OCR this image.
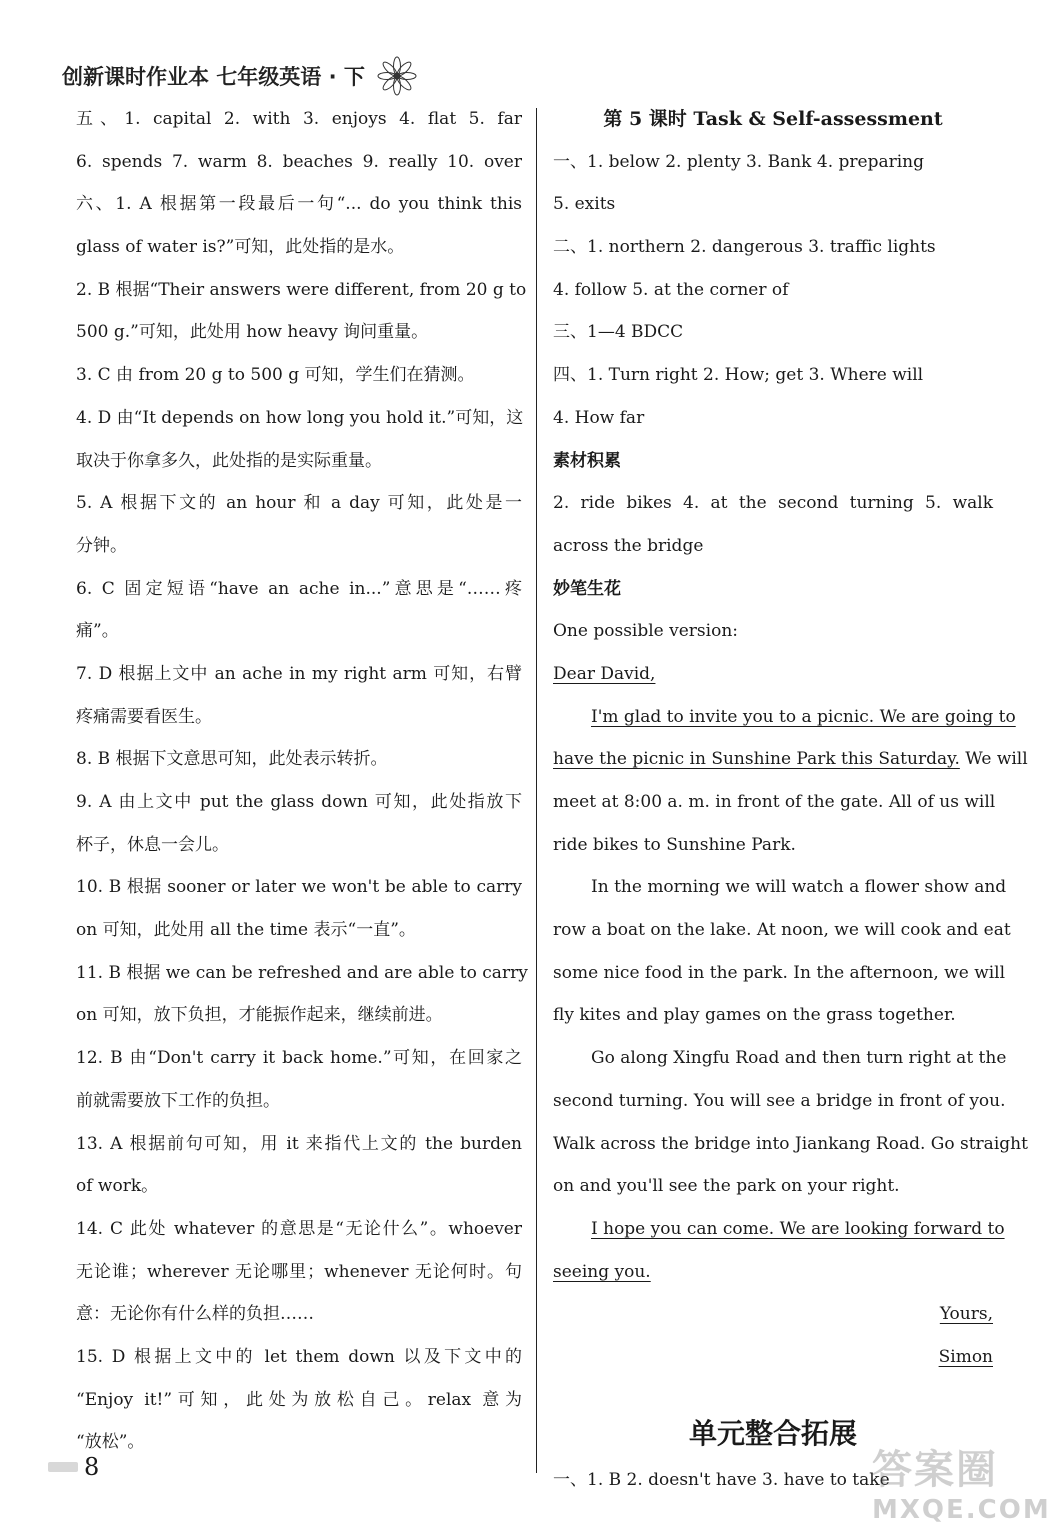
创新课时作业本 七年级英语 · 下
五、1. capital 2. with 3. enjoys 4. flat 5. far
6. spends 7. warm 8. beaches 9. really 10. over
六、1. A 根据第一段最后一句“... do you think this
glass of water is?”可知，此处指的是水。
2. B 根据“Their answers were different, from 20 g to
500 g.”可知，此处用 how heavy 询问重量。
3. C 由 from 20 g to 500 g 可知，学生们在猜测。
4. D 由“It depends on how long you hold it.”可知，这
取决于你拿多久，此处指的是实际重量。
5. A 根据下文的 an hour 和 a day 可知，此处是一
分钟。
6. C 固定短语“have an ache in...”意思是“……疼
痛”。
7. D 根据上文中 an ache in my right arm 可知，右臂
疼痛需要看医生。
8. B 根据下文意思可知，此处表示转折。
9. A 由上文中 put the glass down 可知，此处指放下
杯子，休息一会儿。
10. B 根据 sooner or later we won't be able to carry
on 可知，此处用 all the time 表示“一直”。
11. B 根据 we can be refreshed and are able to carry
on 可知，放下负担，才能振作起来，继续前进。
12. B 由“Don't carry it back home.”可知，在回家之
前就需要放下工作的负担。
13. A 根据前句可知，用 it 来指代上文的 the burden
of work。
14. C 此处 whatever 的意思是“无论什么”。whoever
无论谁；wherever 无论哪里；whenever 无论何时。句
意：无论你有什么样的负担……
15. D 根据上文中的 let them down 以及下文中的
“Enjoy it!”可知，此处为放松自己。relax 意为
“放松”。
第 5 课时 Task & Self-assessment
一、1. below 2. plenty 3. Bank 4. preparing
5. exits
二、1. northern 2. dangerous 3. traffic lights
4. follow 5. at the corner of
三、1—4 BDCC
四、1. Turn right 2. How; get 3. Where will
4. How far
素材积累
2. ride bikes 4. at the second turning 5. walk
across the bridge
妙笔生花
One possible version:
Dear David,
I'm glad to invite you to a picnic. We are going to
have the picnic in Sunshine Park this Saturday. We will
meet at 8:00 a. m. in front of the gate. All of us will
ride bikes to Sunshine Park.
In the morning we will watch a flower show and
row a boat on the lake. At noon, we will cook and eat
some nice food in the park. In the afternoon, we will
fly kites and play games on the grass together.
Go along Xingfu Road and then turn right at the
second turning. You will see a bridge in front of you.
Walk across the bridge into Jiankang Road. Go straight
on and you'll see the park on your right.
I hope you can come. We are looking forward to
seeing you.
Yours,
Simon
单元整合拓展
一、1. B 2. doesn't have 3. have to take
8	答案圈
MXQE.COM
